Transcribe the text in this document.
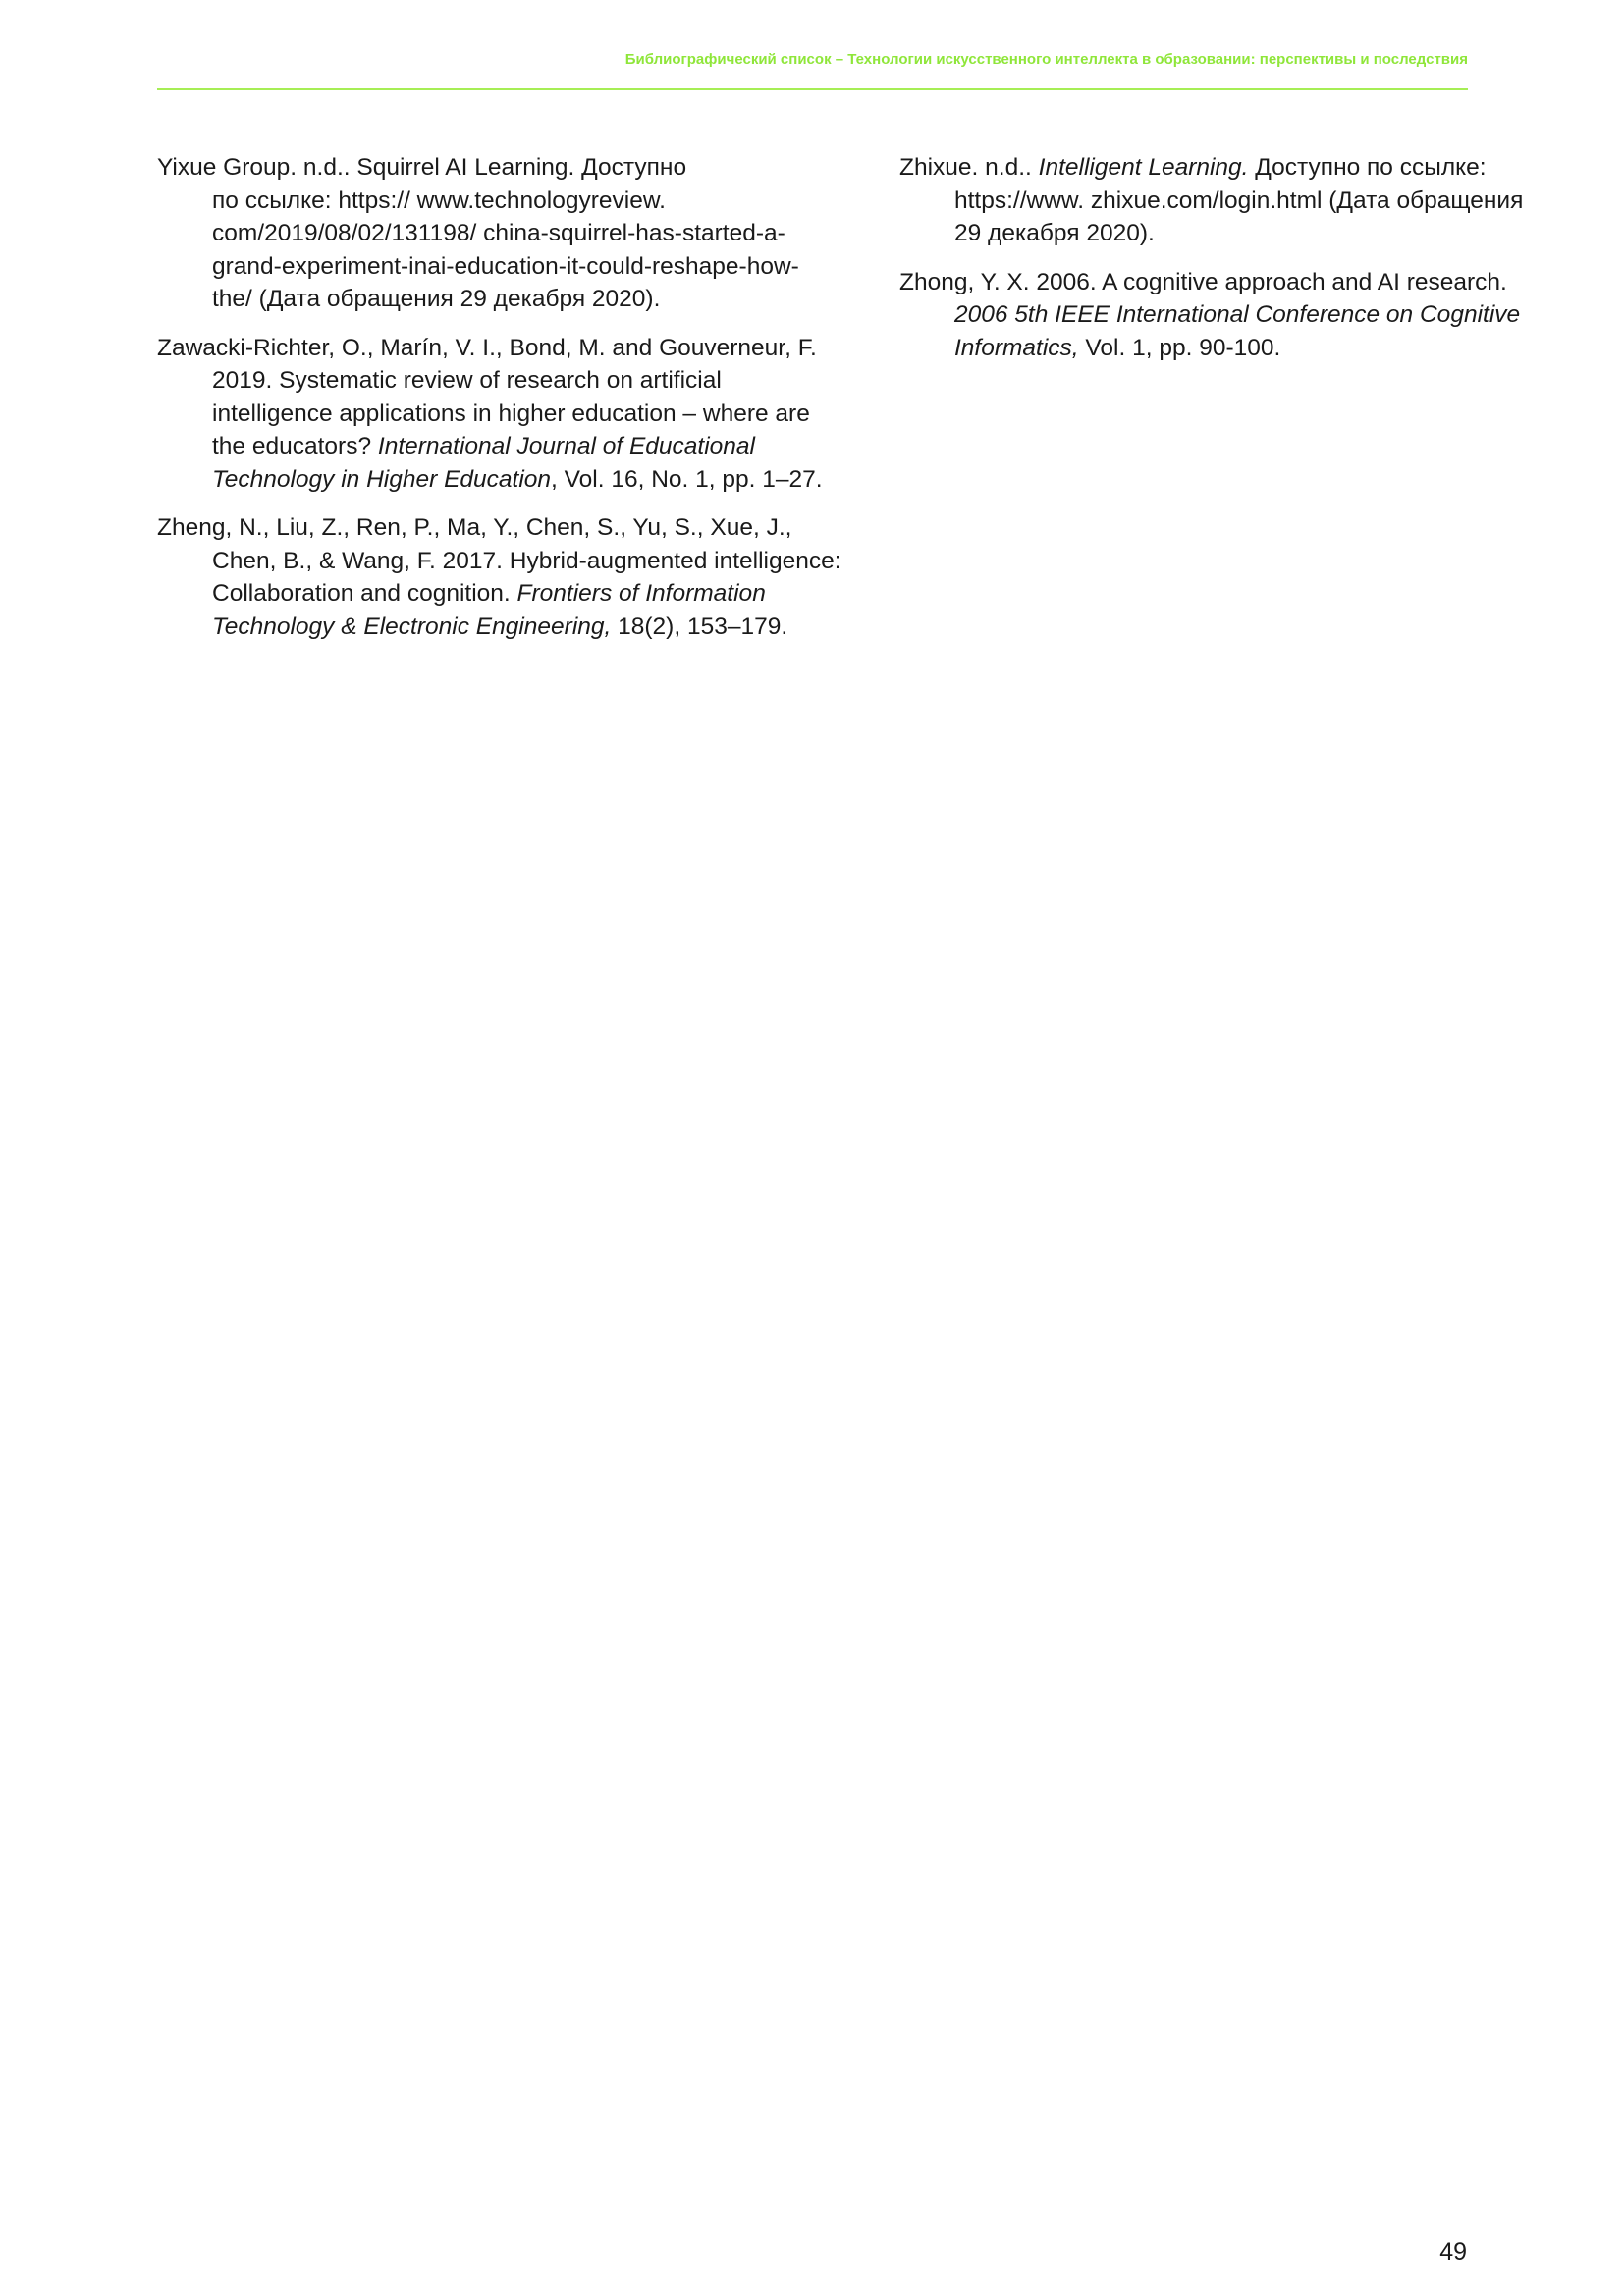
Библиографический список – Технологии искусственного интеллекта в образовании: перспективы и последствия

Yixue Group. n.d.. Squirrel AI Learning. Доступно
по ссылке: https:// www.technologyreview.
com/2019/08/02/131198/ china-squirrel-has-started-a-
grand-experiment-inai-education-it-could-reshape-how-
the/ (Дата обращения 29 декабря 2020).

Zawacki-Richter, O., Marín, V. I., Bond, M. and Gouverneur, F. 2019. Systematic review of research on artificial intelligence applications in higher education – where are the educators? International Journal of Educational Technology in Higher Education, Vol. 16, No. 1, pp. 1–27.

Zheng, N., Liu, Z., Ren, P., Ma, Y., Chen, S., Yu, S., Xue, J., Chen, B., & Wang, F. 2017. Hybrid-augmented intelligence: Collaboration and cognition. Frontiers of Information Technology & Electronic Engineering, 18(2), 153–179.

Zhixue. n.d.. Intelligent Learning. Доступно по ссылке: https://www. zhixue.com/login.html (Дата обращения 29 декабря 2020).

Zhong, Y. X. 2006. A cognitive approach and AI research. 2006 5th IEEE International Conference on Cognitive Informatics, Vol. 1, pp. 90-100.

49
